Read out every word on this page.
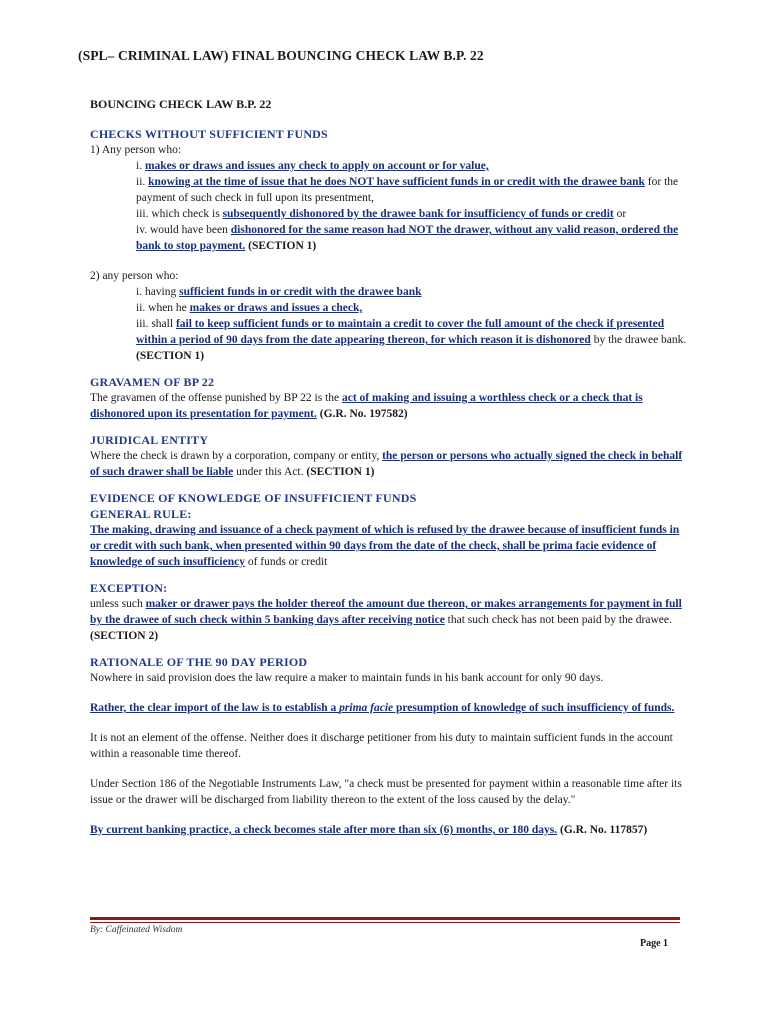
(SPL– CRIMINAL LAW) FINAL BOUNCING CHECK LAW B.P. 22
BOUNCING CHECK LAW B.P. 22
CHECKS WITHOUT SUFFICIENT FUNDS
1) Any person who:
i. makes or draws and issues any check to apply on account or for value,
ii. knowing at the time of issue that he does NOT have sufficient funds in or credit with the drawee bank for the payment of such check in full upon its presentment,
iii. which check is subsequently dishonored by the drawee bank for insufficiency of funds or credit or
iv. would have been dishonored for the same reason had NOT the drawer, without any valid reason, ordered the bank to stop payment. (SECTION 1)
2) any person who:
i. having sufficient funds in or credit with the drawee bank
ii. when he makes or draws and issues a check,
iii. shall fail to keep sufficient funds or to maintain a credit to cover the full amount of the check if presented within a period of 90 days from the date appearing thereon, for which reason it is dishonored by the drawee bank. (SECTION 1)
GRAVAMEN OF BP 22
The gravamen of the offense punished by BP 22 is the act of making and issuing a worthless check or a check that is dishonored upon its presentation for payment. (G.R. No. 197582)
JURIDICAL ENTITY
Where the check is drawn by a corporation, company or entity, the person or persons who actually signed the check in behalf of such drawer shall be liable under this Act. (SECTION 1)
EVIDENCE OF KNOWLEDGE OF INSUFFICIENT FUNDS
GENERAL RULE:
The making, drawing and issuance of a check payment of which is refused by the drawee because of insufficient funds in or credit with such bank, when presented within 90 days from the date of the check, shall be prima facie evidence of knowledge of such insufficiency of funds or credit
EXCEPTION:
unless such maker or drawer pays the holder thereof the amount due thereon, or makes arrangements for payment in full by the drawee of such check within 5 banking days after receiving notice that such check has not been paid by the drawee. (SECTION 2)
RATIONALE OF THE 90 DAY PERIOD
Nowhere in said provision does the law require a maker to maintain funds in his bank account for only 90 days.
Rather, the clear import of the law is to establish a prima facie presumption of knowledge of such insufficiency of funds.
It is not an element of the offense. Neither does it discharge petitioner from his duty to maintain sufficient funds in the account within a reasonable time thereof.
Under Section 186 of the Negotiable Instruments Law, "a check must be presented for payment within a reasonable time after its issue or the drawer will be discharged from liability thereon to the extent of the loss caused by the delay."
By current banking practice, a check becomes stale after more than six (6) months, or 180 days. (G.R. No. 117857)
By: Caffeinated Wisdom
Page 1
